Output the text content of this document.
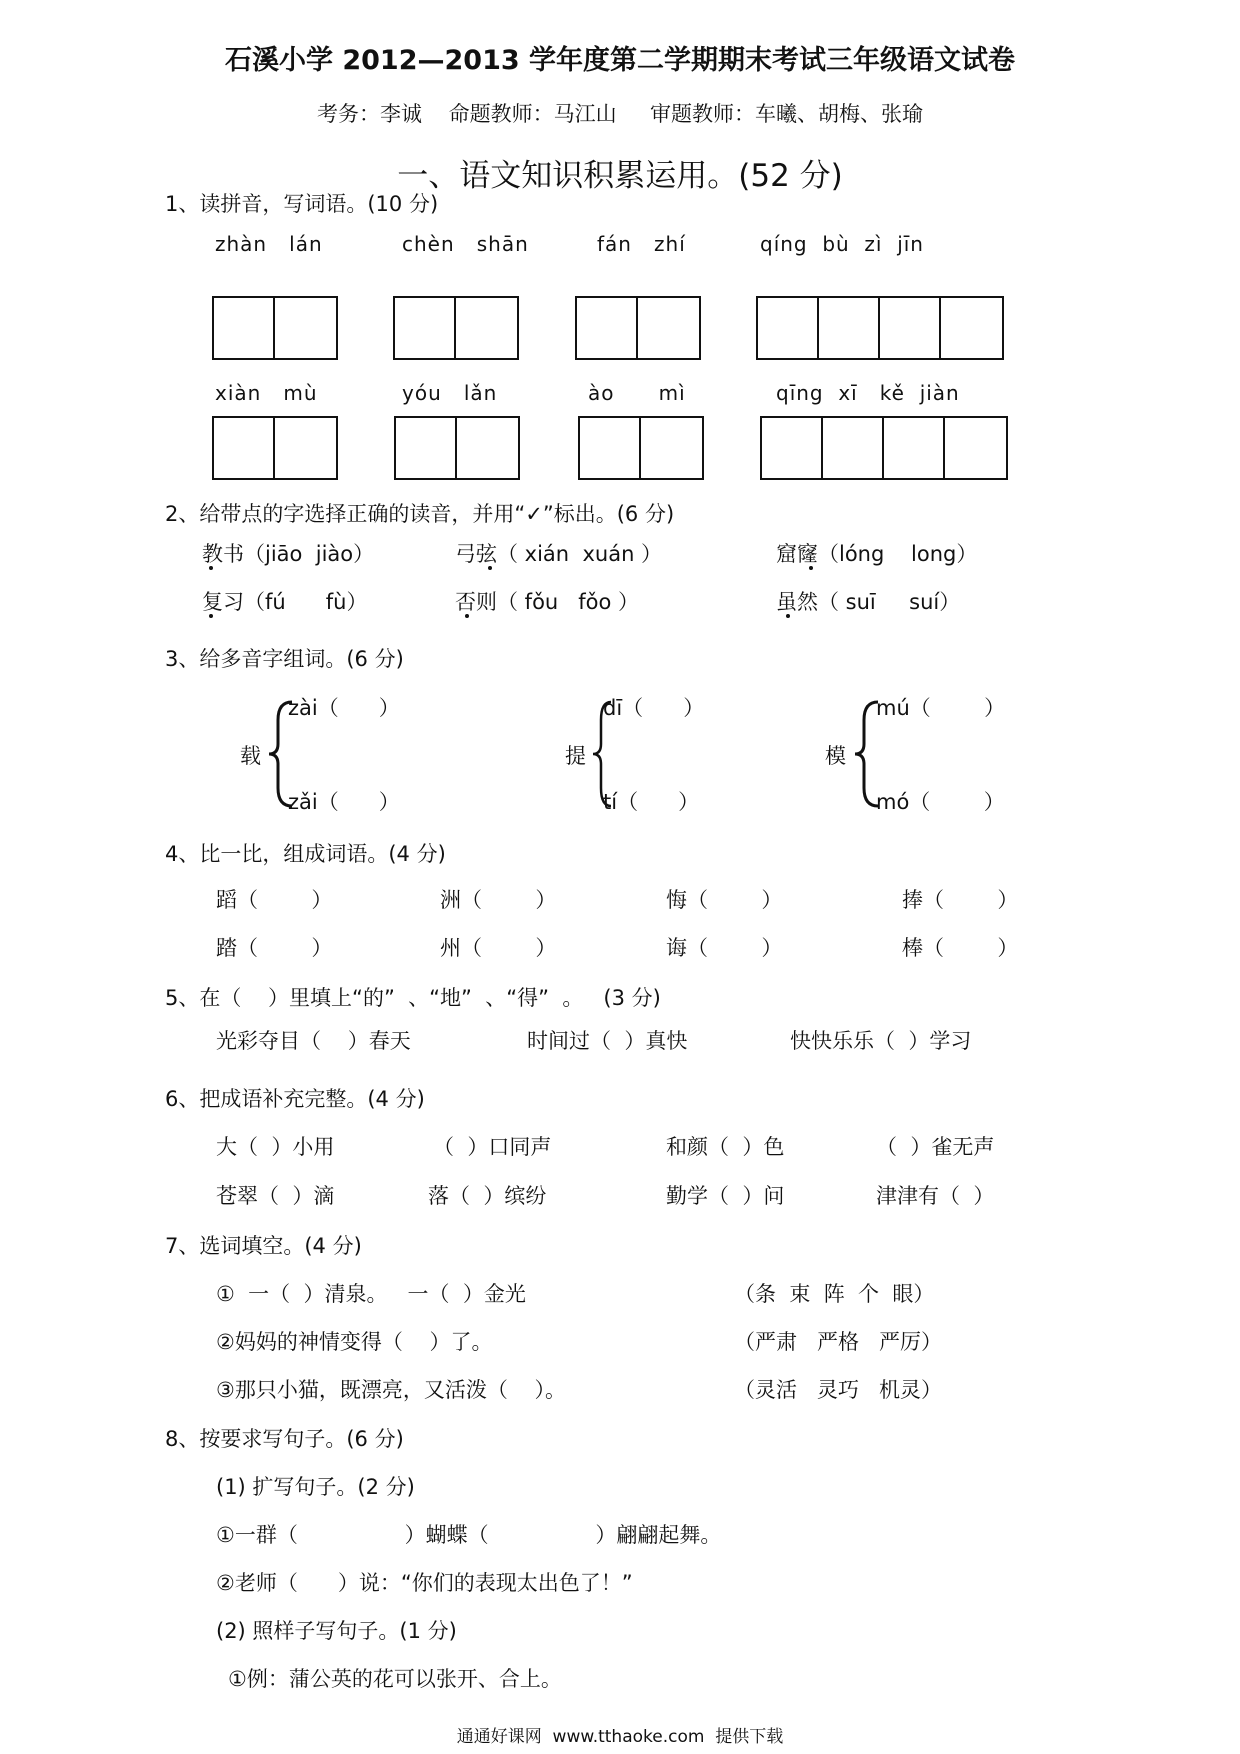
石溪小学 2012—2013 学年度第二学期期末考试三年级语文试卷
考务：李诚    命题教师：马江山     审题教师：车曦、胡梅、张瑜
一、语文知识积累运用。(52 分)
1、读拼音，写词语。(10 分)
zhàn   lán	chèn   shān	fán   zhí	qíng  bù  zì  jīn
xiàn   mù	yóu   lǎn	ào      mì	qīng  xī   kě  jiàn
2、给带点的字选择正确的读音，并用“✓”标出。(6 分)
教书（jiāo  jiào）	弓弦（ xián  xuán ）	窟窿（lóng    long）
复习（fú      fù）	否则（ fǒu   fǒo ）	虽然（ suī     suí）
3、给多音字组词。(6 分)
载
zài（      ）
zǎi（      ）
提
dī（      ）
tí（      ）
模
mú（        ）
mó（        ）
4、比一比，组成词语。(4 分)
蹈（        ）	洲（        ）	悔（        ）	捧（        ）
踏（        ）	州（        ）	诲（        ）	棒（        ）
5、在（    ）里填上“的”  、“地”  、“得”  。   (3 分)
光彩夺目（    ）春天	时间过（  ）真快	快快乐乐（  ）学习
6、把成语补充完整。(4 分)
大（  ）小用	（  ）口同声	和颜（  ）色	（  ）雀无声
苍翠（  ）滴	落（  ）缤纷	勤学（  ）问	津津有（  ）
7、选词填空。(4 分)
①  一（  ）清泉。   一（  ）金光	（条  束  阵  个  眼）
②妈妈的神情变得（    ）了。	（严肃   严格   严厉）
③那只小猫，既漂亮，又活泼（    ）。	（灵活   灵巧   机灵）
8、按要求写句子。(6 分)
(1) 扩写句子。(2 分)
①一群（                ）蝴蝶（                ）翩翩起舞。
②老师（      ）说：“你们的表现太出色了！”
(2) 照样子写句子。(1 分)
①例：蒲公英的花可以张开、合上。
通通好课网  www.tthaoke.com  提供下载
